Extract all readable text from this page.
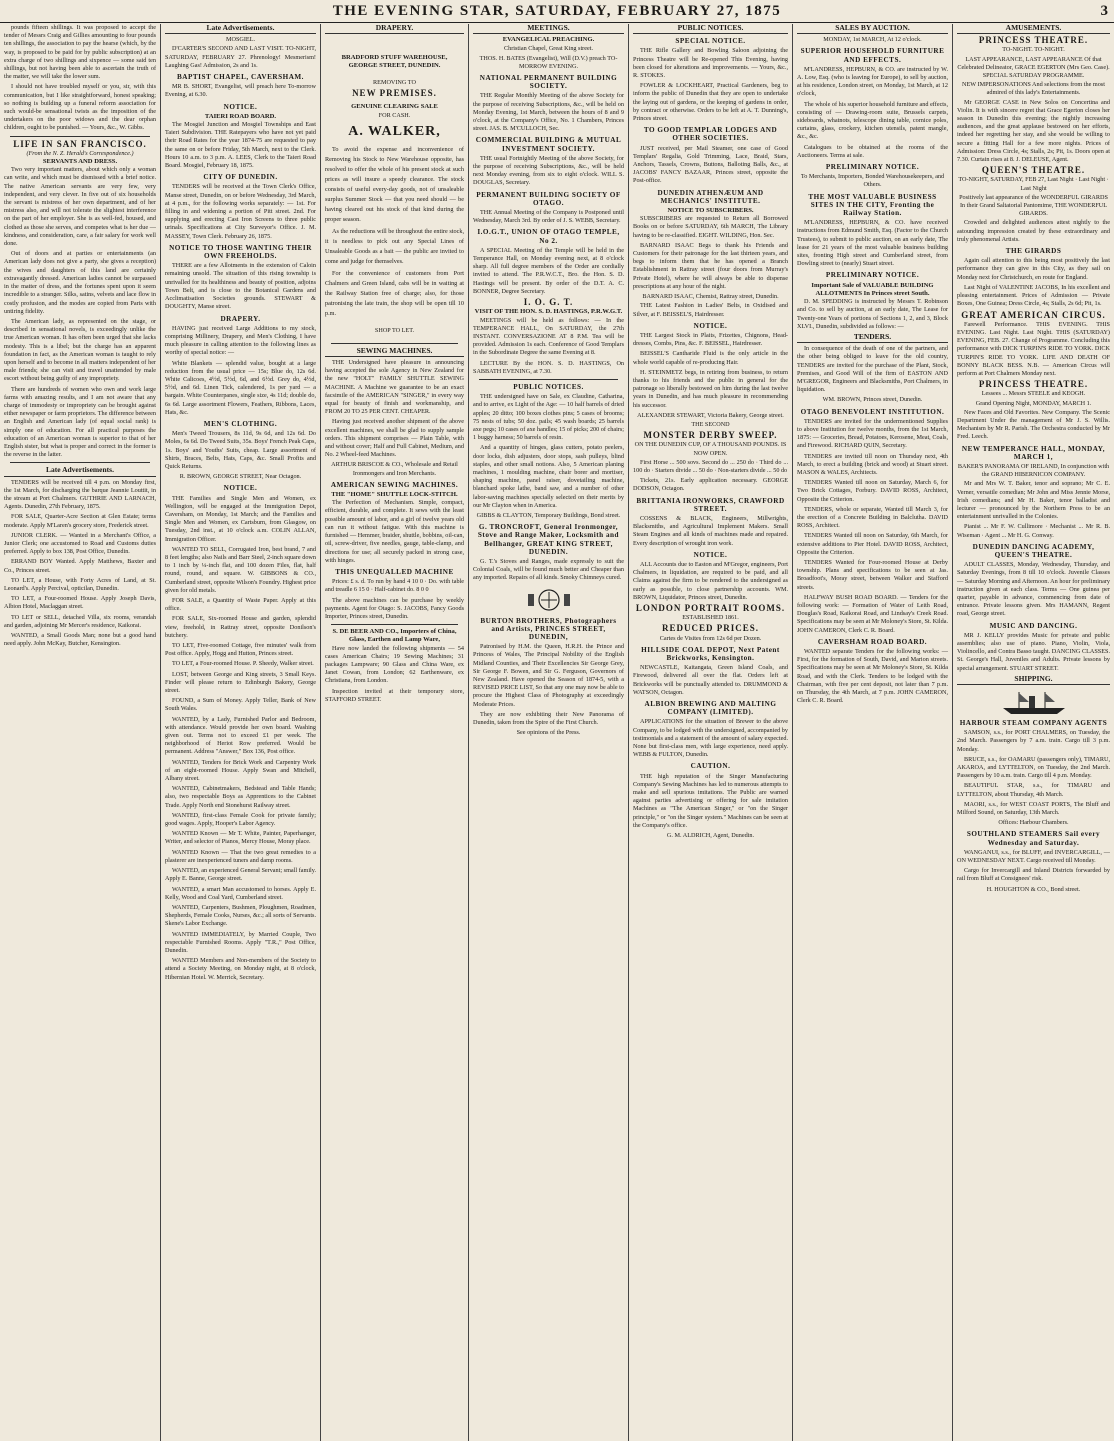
THE EVENING STAR, SATURDAY, FEBRUARY 27, 1875	3

pounds fifteen shillings. It was proposed to accept the tender of Messrs Craig and Gillies amounting to four pounds ten shillings, the association to pay the hearse (which, by the way, is proposed to be paid for by public subscription) at an extra charge of two shillings and sixpence — some said ten shillings, but not having been able to ascertain the truth of the matter, we will take the lower sum.

I should not have troubled myself or you, sir, with this communication, but I like straightforward, honest speaking; so nothing is building up a funeral reform association for such would-be sensational twists as the imposition of the undertakers on the poor widows and the dear orphan children, ought to be punished. — Yours, &c., W. Gibbs.

LIFE IN SAN FRANCISCO.
(From the N. Z. Herald's Correspondence.)
SERVANTS AND DRESS.

Two very important matters, about which only a woman can write, and which must be dismissed with a brief notice. The native American servants are very few, very independent, and very clever. In five out of six households the servant is mistress of her own department, and of her mistress also, and will not tolerate the slightest interference on the part of her employer. She is as well-fed, housed, and clothed as those she serves, and competes what is her due — kindness, and consideration, care, a fair salary for work well done.

Out of doors and at parties or entertainments (an American lady does not give a party, she gives a reception) the wives and daughters of this land are certainly extravagantly dressed. American ladies cannot be surpassed in the matter of dress, and the fortunes spent upon it seem incredible to a stranger. Silks, satins, velvets and lace flow in costly profusion, and the modes are copied from Paris with untiring fidelity.

The American lady, as represented on the stage, or described in sensational novels, is exceedingly unlike the true American woman. It has often been urged that she lacks modesty. This is a libel; but the charge has an apparent foundation in fact, as the American woman is taught to rely upon herself and to become in all matters independent of her male friends; she can visit and travel unattended by male escort without being guilty of any impropriety.

There are hundreds of women who own and work large farms with amazing results, and I am not aware that any charge of immodesty or impropriety can be brought against either newspaper or farm proprietors. The difference between an English and American lady (of equal social rank) is simply one of education. For all practical purposes the education of an American woman is superior to that of her English sister, but what is proper and correct in the former is the reverse in the latter.

Late Advertisements.

TENDERS will be received till 4 p.m. on Monday first, the 1st March, for discharging the barque Jeannie Louttit, in the stream at Port Chalmers. GUTHRIE AND LARNACH, Agents. Dunedin, 27th February, 1875.

FOR SALE, Quarter-Acre Section at Glen Estate; terms moderate. Apply M'Laren's grocery store, Frederick street.

JUNIOR CLERK. — Wanted in a Merchant's Office, a Junior Clerk; one accustomed to Road and Customs duties preferred. Apply to box 138, Post Office, Dunedin.

ERRAND BOY Wanted. Apply Matthews, Baxter and Co., Princes street.

TO LET, a House, with Forty Acres of Land, at St. Leonard's. Apply Percival, opticilan, Dunedin.

TO LET, a Four-roomed House. Apply Joseph Davis, Albion Hotel, Maclaggan street.

TO LET or SELL, detached Villa, six rooms, verandah and garden, adjoining Mr Mercer's residence, Kaikorai.

WANTED, a Small Goods Man; none but a good hand need apply. John McKay, Butcher, Kensington.

Late Advertisements.
MOSGIEL.

D'CARTER'S SECOND AND LAST VISIT. TO-NIGHT, SATURDAY, FEBRUARY 27. Phrenology! Mesmerism! Laughing Gas! Admission, 2s and 1s.

BAPTIST CHAPEL, CAVERSHAM.

MR B. SHORT, Evangelist, will preach here To-morrow Evening, at 6.30.

NOTICE.
TAIERI ROAD BOARD.

The Mosgiel Junction and Mosgiel Townships and East Taieri Subdivision. THE Ratepayers who have not yet paid their Road Rates for the year 1874-75 are requested to pay the same on or before Friday, 5th March, next to the Clerk. Hours 10 a.m. to 3 p.m. A. LEES, Clerk to the Taieri Road Board. Mosgiel, February 18, 1875.

CITY OF DUNEDIN.

TENDERS will be received at the Town Clerk's Office, Manse street, Dunedin, on or before Wednesday, 3rd March, at 4 p.m., for the following works separately: — 1st. For filling in and widening a portion of Pitt street. 2nd. For supplying and erecting Cast Iron Screens to three public urinals. Specifications at City Surveyor's Office. J. M. MASSEY, Town Clerk. February 26, 1875.

NOTICE TO THOSE WANTING THEIR OWN FREEHOLDS.

THERE are a few Allotments in the extension of Caloin remaining unsold. The situation of this rising township is unrivalled for its healthiness and beauty of position, adjoins Town Belt, and is close to the Botanical Gardens and Acclimatisation Societies grounds. STEWART & DOUGHTY, Manse street.

DRAPERY.

HAVING just received Large Additions to my stock, comprising Millinery, Drapery, and Men's Clothing, I have much pleasure in calling attention to the following lines as worthy of special notice: —

White Blankets — splendid value, bought at a large reduction from the usual price — 15s; Blue do, 12s 6d. White Calicoes, 4½d, 5½d, 6d, and 6½d. Grey do, 4½d, 5½d, and 6d. Linen Tick, calendered, 1s per yard — a bargain. White Counterpanes, single size, 4s 11d; double do, 6s 6d. Large assortment Flowers, Feathers, Ribbons, Laces, Hats, &c.

MEN'S CLOTHING.

Men's Tweed Trousers, 8s 11d, 9s 6d, and 12s 6d. Do Moles, 6s 6d. Do Tweed Suits, 35s. Boys' French Peak Caps, 1s. Boys' and Youths' Suits, cheap. Large assortment of Shirts, Braces, Belts, Hats, Caps, &c. Small Profits and Quick Returns.

R. BROWN, GEORGE STREET, Near Octagon.
NOTICE.

THE Families and Single Men and Women, ex Wellington, will be engaged at the Immigration Depot, Caversham, on Monday, 1st March; and the Families and Single Men and Women, ex Cartsburn, from Glasgow, on Tuesday, 2nd inst., at 10 o'clock a.m. COLIN ALLAN, Immigration Officer.

WANTED TO SELL, Corrugated Iron, best brand, 7 and 8 feet lengths; also Nails and Barr Steel, 2-inch square down to 1 inch by ¼-inch flat, and 100 dozen Files, flat, half round, round, and square. W. GIBBONS & CO., Cumberland street, opposite Wilson's Foundry. Highest price given for old metals.

FOR SALE, a Quantity of Waste Paper. Apply at this office.

FOR SALE, Six-roomed House and garden, splendid view, freehold, in Rattray street, opposite Donilson's butchery.

TO LET, Five-roomed Cottage, five minutes' walk from Post office. Apply, Hogg and Hutton, Princes street.

TO LET, a Four-roomed House. P. Sheedy, Walker street.

LOST, between George and King streets, 3 Small Keys. Finder will please return to Edinburgh Bakery, George street.

FOUND, a Sum of Money. Apply Teller, Bank of New South Wales.

WANTED, by a Lady, Furnished Parlor and Bedroom, with attendance. Would provide her own board. Washing given out. Terms not to exceed £1 per week. The neighborhood of Heriot Row preferred. Would be permanent. Address "Answer," Box 136, Post office.

WANTED, Tenders for Brick Work and Carpentry Work of an eight-roomed House. Apply Swan and Mitchell, Albany street.

WANTED, Cabinetmakers, Bedstead and Table Hands; also, two respectable Boys as Apprentices to the Cabinet Trade. Apply North end Stonehurst Railway street.

WANTED, first-class Female Cook for private family; good wages. Apply, Hooper's Labor Agency.

WANTED Known — Mr T. White, Painter, Paperhanger, Writer, and selector of Pianos, Mercy House, Moray place.

WANTED Known — That the two great remedies to a plasterer are inexperienced tuners and damp rooms.

WANTED, an experienced General Servant; small family. Apply E. Banne, George street.

WANTED, a smart Man accustomed to horses. Apply E. Kelly, Wood and Coal Yard, Cumberland street.

WANTED, Carpenters, Bushmen, Ploughmen, Roadmen, Shepherds, Female Cooks, Nurses, &c.; all sorts of Servants. Skene's Labor Exchange.

WANTED IMMEDIATELY, by Married Couple, Two respectable Furnished Rooms. Apply "T.R.," Post Office, Dunedin.

WANTED Members and Non-members of the Society to attend a Society Meeting, on Monday night, at 8 o'clock, Hibernian Hotel. W. Merrick, Secretary.

DRAPERY.
BRADFORD STUFF WAREHOUSE,
GEORGE STREET, DUNEDIN.
REMOVING TO
NEW PREMISES.
GENUINE CLEARING SALE
FOR CASH.
A. WALKER,

To avoid the expense and inconvenience of Removing his Stock to New Warehouse opposite, has resolved to offer the whole of his present stock at such prices as will insure a speedy clearance. The stock consists of useful every-day goods, not of unsaleable surplus Summer Stock — that you need should — be having cleared out his stock of that kind during the proper season.

As the reductions will be throughout the entire stock, it is needless to pick out any Special Lines of Unsaleable Goods as a bait — the public are invited to come and judge for themselves.

For the convenience of customers from Port Chalmers and Green Island, cabs will be in waiting at the Railway Station free of charge; also, for those patronising the late train, the shop will be open till 10 p.m.

SHOP TO LET.
SEWING MACHINES.

THE Undersigned have pleasure in announcing having accepted the sole Agency in New Zealand for the new "HOLT" FAMILY SHUTTLE SEWING MACHINE. A Machine we guarantee to be an exact facsimile of the AMERICAN "SINGER," in every way equal for beauty of finish and workmanship, and FROM 20 TO 25 PER CENT. CHEAPER.

Having just received another shipment of the above excellent machines, we shall be glad to supply sample orders. This shipment comprises — Plain Table, with and without cover; Half and Full Cabinet, Medium, and No. 2 Wheel-feed Machines.

ARTHUR BRISCOE & CO., Wholesale and Retail Ironmongers and Iron Merchants.
AMERICAN SEWING MACHINES.
THE "HOME" SHUTTLE LOCK-STITCH.

The Perfection of Mechanism. Simple, compact, efficient, durable, and complete. It sews with the least possible amount of labor, and a girl of twelve years old can run it without fatigue. With this machine is furnished — Hemmer, braider, shuttle, bobbins, oil-can, oil, screw-driver, five needles, gauge, table-clamp, and directions for use; all securely packed in strong case, with hinges.

THIS UNEQUALLED MACHINE

Prices: £ s. d. To run by hand 4 10 0 · Do. with table and treadle 6 15 0 · Half-cabinet do. 8 0 0

The above machines can be purchase by weekly payments. Agent for Otago: S. JACOBS, Fancy Goods Importer, Princes street, Dunedin.

S. DE BEER AND CO., Importers of China, Glass, Earthen and Lamp Ware,

Have now landed the following shipments — 54 cases American Chairs; 19 Sewing Machines; 31 packages Lampware; 90 Glass and China Ware, ex Janet Cowan, from London; 62 Earthenware, ex Christiana, from London.

Inspection invited at their temporary store, STAFFORD STREET.

MEETINGS.
EVANGELICAL PREACHING.
Christian Chapel, Great King street.
THOS. H. BATES (Evangelist), Will (D.V.) preach TO-MORROW EVENING.
NATIONAL PERMANENT BUILDING SOCIETY.

THE Regular Monthly Meeting of the above Society for the purpose of receiving Subscriptions, &c., will be held on Monday Evening, 1st March, between the hours of 8 and 9 o'clock, at the Company's Office, No. 1 Chambers, Princes street. JAS. B. M'CULLOCH, Sec.

COMMERCIAL BUILDING & MUTUAL INVESTMENT SOCIETY.

THE usual Fortnightly Meeting of the above Society, for the purpose of receiving Subscriptions, &c., will be held next Monday evening, from six to eight o'clock. WILL S. DOUGLAS, Secretary.

PERMANENT BUILDING SOCIETY OF OTAGO.

THE Annual Meeting of the Company is Postponed until Wednesday, March 3rd. By order of J. S. WEBB, Secretary.

I.O.G.T., UNION OF OTAGO TEMPLE, No 2.

A SPECIAL Meeting of the Temple will be held in the Temperance Hall, on Monday evening next, at 8 o'clock sharp. All full degree members of the Order are cordially invited to attend. The P.R.W.C.T., Bro. the Hon. S. D. Hastings will be present. By order of the D.T. A. C. BONNER, Degree Secretary.

I. O. G. T.
VISIT OF THE HON. S. D. HASTINGS, P.R.W.G.T.

MEETINGS will be held as follows: — In the TEMPERANCE HALL, On SATURDAY, the 27th INSTANT. CONVERSAZIONE AT 8 P.M. Tea will be provided. Admission 1s each. Conference of Good Templars in the Subordinate Degree the same Evening at 8.

LECTURE By the HON. S. D. HASTINGS, On SABBATH EVENING, at 7.30.

PUBLIC NOTICES.

THE undersigned have on Sale, ex Claudine, Catharina, and to arrive, ex Light of the Age: — 10 half barrels of dried apples; 20 ditto; 100 boxes clothes pins; 5 cases of brooms; 75 nests of tubs; 50 doz. pails; 45 wash boards; 25 barrels axe pegs; 10 cases of axe handles; 15 of picks; 200 of chairs; 1 buggy harness; 50 barrels of resin.

And a quantity of hinges, glass cutters, potato peelers, door locks, dish adjusters, door stops, sash pulleys, blind staples, and other small notions. Also, 5 American planing machines, 1 moulding machine, chair borer and mortiser, shaping machine, panel raiser, dovetailing machine, blanchard spoke lathe, band saw, and a number of other labor-saving machines specially selected on their merits by our Mr Clayton when in America.

GIBBS & CLAYTON, Temporary Buildings, Bond street.
G. TRONCROFT, General Ironmonger, Stove and Range Maker, Locksmith and Bellhanger, GREAT KING STREET, DUNEDIN.

G. T.'s Stoves and Ranges, made expressly to suit the Colonial Coals, will be found much better and Cheaper than any imported. Repairs of all kinds. Smoky Chimneys cured.

BURTON BROTHERS, Photographers and Artists, PRINCES STREET, DUNEDIN,

Patronised by H.M. the Queen, H.R.H. the Prince and Princess of Wales, The Principal Nobility of the English Midland Counties, and Their Excellencies Sir George Grey, Sir George F. Bowen, and Sir G. Ferguson, Governors of New Zealand. Have opened the Season of 1874-5, with a REVISED PRICE LIST, So that any one may now be able to procure the Highest Class of Photography at exceedingly Moderate Prices.

They are now exhibiting their New Panorama of Dunedin, taken from the Spire of the First Church.

See opinions of the Press.
PUBLIC NOTICES.
SPECIAL NOTICE.

THE Rifle Gallery and Bowling Saloon adjoining the Princess Theatre will be Re-opened This Evening, having been closed for alterations and improvements. — Yours, &c., R. STOKES.

FOWLER & LOCKHEART, Practical Gardeners, beg to inform the public of Dunedin that they are open to undertake the laying out of gardens, or the keeping of gardens in order, by contract or otherwise. Orders to be left at A. T. Dunning's, Princes street.

TO GOOD TEMPLAR LODGES AND OTHER SOCIETIES.

JUST received, per Mail Steamer, one case of Good Templars' Regalia, Gold Trimming, Lace, Braid, Stars, Anchors, Tassels, Crowns, Buttons, Balloting Balls, &c., at JACOBS' FANCY BAZAAR, Princes street, opposite the Post-office.

DUNEDIN ATHENÆUM AND MECHANICS' INSTITUTE.
NOTICE TO SUBSCRIBERS.

SUBSCRIBERS are requested to Return all Borrowed Books on or before SATURDAY, 6th MARCH, The Library having to be re-classified. EIGHT. WILDING, Hon. Sec.

BARNARD ISAAC Begs to thank his Friends and Customers for their patronage for the last thirteen years, and begs to inform them that he has opened a Branch Establishment in Rattray street (four doors from Murray's Private Hotel), where he will always be able to dispense prescriptions at any hour of the night.

BARNARD ISAAC, Chemist, Rattray street, Dunedin.

THE Latest Fashion in Ladies' Belts, in Oxidised and Silver, at F. BEISSEL'S, Hairdresser.

NOTICE.

THE Largest Stock in Plaits, Frizettes, Chignons, Head-dresses, Combs, Pins, &c. F. BEISSEL, Hairdresser.

BEISSEL'S Cantharide Fluid is the only article in the whole world capable of re-producing Hair.

H. STEINMETZ begs, in retiring from business, to return thanks to his friends and the public in general for the patronage so liberally bestowed on him during the last twelve years in Dunedin, and has much pleasure in recommending his successor.

ALEXANDER STEWART, Victoria Bakery, George street.
THE SECOND
MONSTER DERBY SWEEP.
ON THE DUNEDIN CUP, OF A THOUSAND POUNDS. IS NOW OPEN.

First Horse ... 500 sovs. Second do ... 250 do · Third do ... 100 do · Starters divide ... 50 do · Non-starters divide ... 50 do

Tickets, 21s. Early application necessary. GEORGE DODSON, Octagon.

BRITTANIA IRONWORKS, CRAWFORD STREET.

COSSENS & BLACK, Engineers, Millwrights, Blacksmiths, and Agricultural Implement Makers. Small Steam Engines and all kinds of machines made and repaired. Every description of wrought iron work.

NOTICE.

ALL Accounts due to Easton and M'Gregor, engineers, Port Chalmers, in liquidation, are required to be paid, and all Claims against the firm to be rendered to the undersigned as early as possible, to close partnership accounts. WM. BROWN, Liquidator, Princes street, Dunedin.

LONDON PORTRAIT ROOMS.
ESTABLISHED 1861.
REDUCED PRICES.
Cartes de Visites from 12s 6d per Dozen.
HILLSIDE COAL DEPOT, Next Patent Brickworks, Kensington.

NEWCASTLE, Kaitangata, Green Island Coals, and Firewood, delivered all over the flat. Orders left at Brickworks will be punctually attended to. DRUMMOND & WATSON, Octagon.

ALBION BREWING AND MALTING COMPANY (LIMITED).

APPLICATIONS for the situation of Brewer to the above Company, to be lodged with the undersigned, accompanied by testimonials and a statement of the amount of salary expected. None but first-class men, with large experience, need apply. WEBB & FULTON, Dunedin.

CAUTION.

THE high reputation of the Singer Manufacturing Company's Sewing Machines has led to numerous attempts to make and sell spurious imitations. The Public are warned against parties advertising or offering for sale imitation Machines as "The American Singer," or "on the Singer principle," or "on the Singer system." Machines can be seen at the Company's office.

G. M. ALDRICH, Agent, Dunedin.
SALES BY AUCTION.
MONDAY, 1st MARCH, At 12 o'clock.
SUPERIOR HOUSEHOLD FURNITURE AND EFFECTS.

M'LANDRESS, HEPBURN, & CO. are instructed by W. A. Low, Esq. (who is leaving for Europe), to sell by auction, at his residence, London street, on Monday, 1st March, at 12 o'clock,

The whole of his superior household furniture and effects, consisting of — Drawing-room suite, Brussels carpets, sideboards, whatnots, telescope dining table, cornice poles, curtains, glass, crockery, kitchen utensils, patent mangle, &c., &c.

Catalogues to be obtained at the rooms of the Auctioneers. Terms at sale.

PRELIMINARY NOTICE.
To Merchants, Importers, Bonded Warehousekeepers, and Others.
THE MOST VALUABLE BUSINESS SITES IN THE CITY, Fronting the Railway Station.

M'LANDRESS, HEPBURN, & CO. have received instructions from Edmund Smith, Esq. (Factor to the Church Trustees), to submit to public auction, on an early date, The lease for 21 years of the most valuable business building sites, fronting High street and Cumberland street, from Dowling street to (nearly) Stuart street.

PRELIMINARY NOTICE.
Important Sale of VALUABLE BUILDING ALLOTMENTS In Princes street South.

D. M. SPEDDING is instructed by Messrs T. Robinson and Co. to sell by auction, at an early date, The Lease for Twenty-one Years of portions of Sections 1, 2, and 3, Block XLVI., Dunedin, subdivided as follows: —

TENDERS.

In consequence of the death of one of the partners, and the other being obliged to leave for the old country, TENDERS are invited for the purchase of the Plant, Stock, Premises, and Good Will of the firm of EASTON AND M'GREGOR, Engineers and Blacksmiths, Port Chalmers, in liquidation.

WM. BROWN, Princes street, Dunedin.
OTAGO BENEVOLENT INSTITUTION.

TENDERS are invited for the undermentioned Supplies to above Institution for twelve months, from the 1st March, 1875: — Groceries, Bread, Potatoes, Kerosene, Meat, Coals, and Firewood. RICHARD QUIN, Secretary.

TENDERS are invited till noon on Thursday next, 4th March, to erect a building (brick and wood) at Stuart street. MASON & WALES, Architects.

TENDERS Wanted till noon on Saturday, March 6, for Two Brick Cottages, Forbury. DAVID ROSS, Architect, Opposite the Criterion.

TENDERS, whole or separate, Wanted till March 3, for the erection of a Concrete Building in Balclutha. DAVID ROSS, Architect.

TENDERS Wanted till noon on Saturday, 6th March, for extensive additions to Pier Hotel. DAVID ROSS, Architect, Opposite the Criterion.

TENDERS Wanted for Four-roomed House at Derby township. Plans and specifications to be seen at Jas. Broadfoot's, Moray street, between Walker and Stafford streets.

HALFWAY BUSH ROAD BOARD. — Tenders for the following work: — Formation of Water of Leith Road, Douglas's Road, Kaikorai Road, and Lindsay's Creek Road. Specifications may be seen at Mr Moloney's Store, St. Kilda. JOHN CAMERON, Clerk C. R. Board.

CAVERSHAM ROAD BOARD.

WANTED separate Tenders for the following works: — First, for the formation of South, David, and Marion streets. Specifications may be seen at Mr Moloney's Store, St. Kilda Road, and with the Clerk. Tenders to be lodged with the Chairman, with five per cent deposit, not later than 7 p.m. on Thursday, the 4th March, at 7 p.m. JOHN CAMERON, Clerk C. R. Board.

AMUSEMENTS.
PRINCESS THEATRE.
TO-NIGHT. TO-NIGHT.
LAST APPEARANCE, LAST APPEARANCE Of that Celebrated Delineator, GRACE EGERTON (Mrs Geo. Case). SPECIAL SATURDAY PROGRAMME.
NEW IMPERSONATIONS And selections from the most admired of this lady's Entertainments.

Mr GEORGE CASE in New Solos on Concertina and Violin. It is with sincere regret that Grace Egerton closes her season in Dunedin this evening; the nightly increasing audiences, and the great applause bestowed on her efforts, indeed her regretting her stay, and she would be willing to secure a fitting Hall for a few more nights. Prices of Admission: Dress Circle, 4s; Stalls, 2s; Pit, 1s. Doors open at 7.30. Curtain rises at 8. J. DELEUSE, Agent.

QUEEN'S THEATRE.
TO-NIGHT, SATURDAY, FEB 27, Last Night · Last Night · Last Night
Positively last appearance of the WONDERFUL GIRARDS In their Grand Saltatorial Pantomime, THE WONDERFUL GIRARDS.

Crowded and delighted audiences attest nightly to the astounding impression created by these extraordinary and truly phenomenal Artists.

THE GIRARDS

Again call attention to this being most positively the last performance they can give in this City, as they sail on Monday next for Christchurch, en route for England.

Last Night of VALENTINE JACOBS, In his excellent and pleasing entertainment. Prices of Admission — Private Boxes, One Guinea; Dress Circle, 4s; Stalls, 2s 6d; Pit, 1s.

GREAT AMERICAN CIRCUS.

Farewell Performance. THIS EVENING. THIS EVENING. Last Night. Last Night. THIS (SATURDAY) EVENING, FEB. 27. Change of Programme. Concluding this performance with DICK TURPIN'S RIDE TO YORK. DICK TURPIN'S RIDE TO YORK. LIFE AND DEATH OF BONNY BLACK BESS. N.B. — American Circus will perform at Port Chalmers Monday next.

PRINCESS THEATRE.
Lessees ... Messrs STEELE and KEOGH.
Grand Opening Night, MONDAY, MARCH 1.

New Faces and Old Favorites. New Company. The Scenic Department Under the management of Mr J. S. Willis. Mechanism by Mr R. Parish. The Orchestra conducted by Mr Fred. Leech.

NEW TEMPERANCE HALL, MONDAY, MARCH 1,
BAKER'S PANORAMA OF IRELAND, In conjunction with the GRAND HIBERNICON COMPANY.

Mr and Mrs W. T. Baker, tenor and soprano; Mr C. E. Verner, versatile comedian; Mr John and Miss Jennie Morse, Irish comedians; and Mr H. Baker, tenor balladist and lecturer — pronounced by the Northern Press to be an entertainment unrivalled in the Colonies.

Pianist ... Mr F. W. Cullimore · Mechanist ... Mr R. B. Wiseman · Agent ... Mr H. G. Conway.

DUNEDIN DANCING ACADEMY, QUEEN'S THEATRE.

ADULT CLASSES, Monday, Wednesday, Thursday, and Saturday Evenings, from 8 till 10 o'clock. Juvenile Classes — Saturday Morning and Afternoon. An hour for preliminary instruction given at each class. Terms — One guinea per quarter, payable in advance, commencing from date of entrance. Private lessons given. Mrs HAMANN, Regent road, George street.

MUSIC AND DANCING.

MR J. KELLY provides Music for private and public assemblies; also use of piano. Piano, Violin, Viola, Violincello, and Contra Basso taught. DANCING CLASSES. St. George's Hall, Juveniles and Adults. Private lessons by special arrangement. STUART STREET.

SHIPPING.
HARBOUR STEAM COMPANY AGENTS

SAMSON, s.s., for PORT CHALMERS, on Tuesday, the 2nd March. Passengers by 7 a.m. train. Cargo till 3 p.m. Monday.

BRUCE, s.s., for OAMARU (passengers only), TIMARU, AKAROA, and LYTTELTON, on Tuesday, the 2nd March. Passengers by 10 a.m. train. Cargo till 4 p.m. Monday.

BEAUTIFUL STAR, s.s., for TIMARU and LYTTELTON, about Thursday, 4th March.

MAORI, s.s., for WEST COAST PORTS, The Bluff and Milford Sound, on Saturday, 13th March.

Offices: Harbour Chambers.
SOUTHLAND STEAMERS Sail every Wednesday and Saturday.

WANGANUI, s.s., for BLUFF, and INVERCARGILL, — ON WEDNESDAY NEXT. Cargo received till Monday.

Cargo for Invercargill and Inland Districts forwarded by rail from Bluff at Consignees' risk.

H. HOUGHTON & CO., Bond street.
